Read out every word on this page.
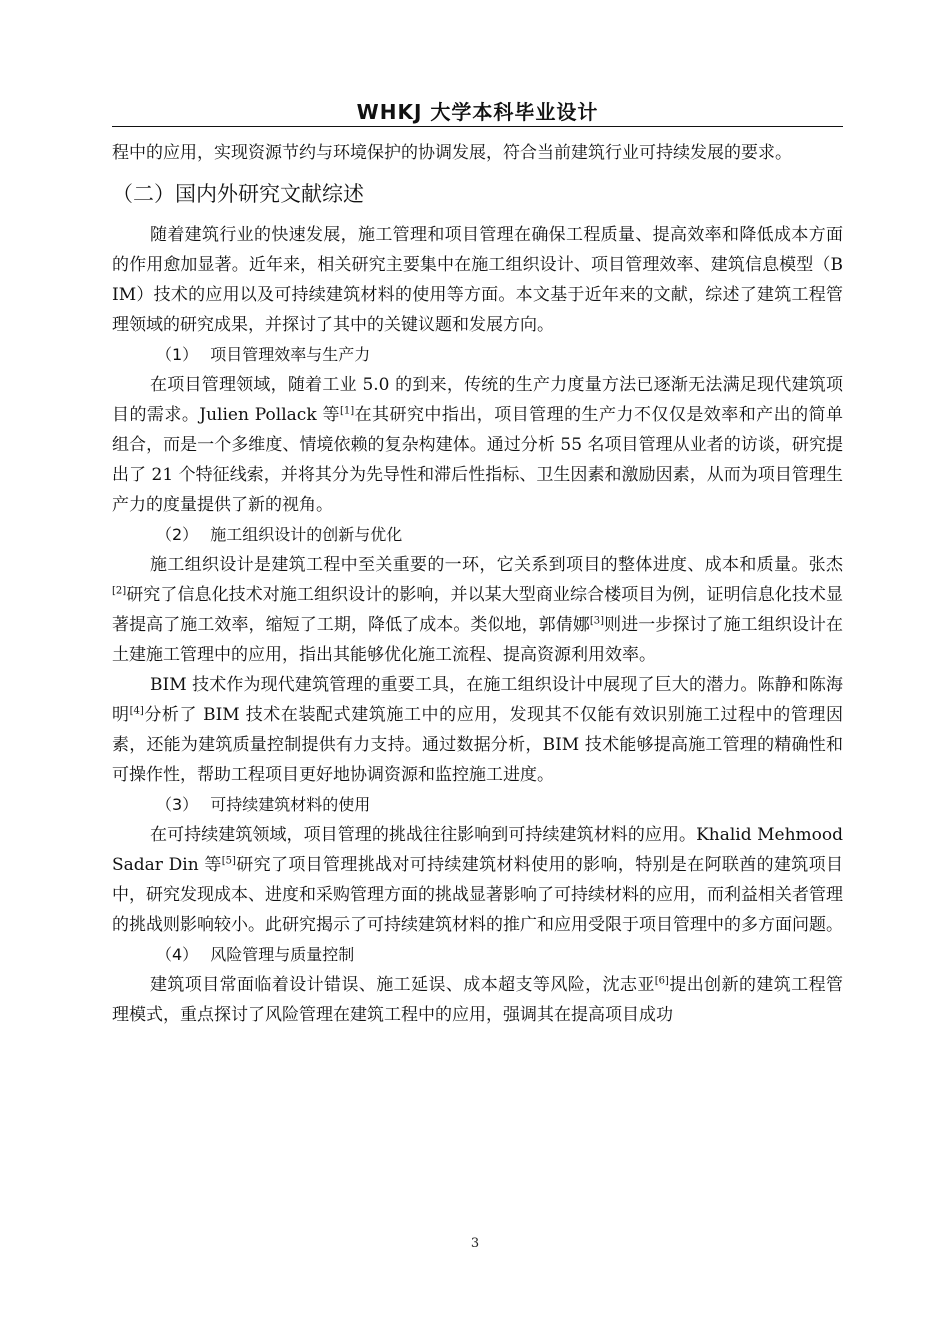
WHKJ 大学本科毕业设计

程中的应用，实现资源节约与环境保护的协调发展，符合当前建筑行业可持续发展的要求。

（二）国内外研究文献综述

随着建筑行业的快速发展，施工管理和项目管理在确保工程质量、提高效率和降低成本方面的作用愈加显著。近年来，相关研究主要集中在施工组织设计、项目管理效率、建筑信息模型（BIM）技术的应用以及可持续建筑材料的使用等方面。本文基于近年来的文献，综述了建筑工程管理领域的研究成果，并探讨了其中的关键议题和发展方向。

（1） 项目管理效率与生产力

在项目管理领域，随着工业 5.0 的到来，传统的生产力度量方法已逐渐无法满足现代建筑项目的需求。Julien Pollack 等[1]在其研究中指出，项目管理的生产力不仅仅是效率和产出的简单组合，而是一个多维度、情境依赖的复杂构建体。通过分析 55 名项目管理从业者的访谈，研究提出了 21 个特征线索，并将其分为先导性和滞后性指标、卫生因素和激励因素，从而为项目管理生产力的度量提供了新的视角。

（2） 施工组织设计的创新与优化

施工组织设计是建筑工程中至关重要的一环，它关系到项目的整体进度、成本和质量。张杰[2]研究了信息化技术对施工组织设计的影响，并以某大型商业综合楼项目为例，证明信息化技术显著提高了施工效率，缩短了工期，降低了成本。类似地，郭倩娜[3]则进一步探讨了施工组织设计在土建施工管理中的应用，指出其能够优化施工流程、提高资源利用效率。

BIM 技术作为现代建筑管理的重要工具，在施工组织设计中展现了巨大的潜力。陈静和陈海明[4]分析了 BIM 技术在装配式建筑施工中的应用，发现其不仅能有效识别施工过程中的管理因素，还能为建筑质量控制提供有力支持。通过数据分析，BIM 技术能够提高施工管理的精确性和可操作性，帮助工程项目更好地协调资源和监控施工进度。

（3） 可持续建筑材料的使用

在可持续建筑领域，项目管理的挑战往往影响到可持续建筑材料的应用。Khalid Mehmood Sadar Din 等[5]研究了项目管理挑战对可持续建筑材料使用的影响，特别是在阿联酋的建筑项目中，研究发现成本、进度和采购管理方面的挑战显著影响了可持续材料的应用，而利益相关者管理的挑战则影响较小。此研究揭示了可持续建筑材料的推广和应用受限于项目管理中的多方面问题。

（4） 风险管理与质量控制

建筑项目常面临着设计错误、施工延误、成本超支等风险，沈志亚[6]提出创新的建筑工程管理模式，重点探讨了风险管理在建筑工程中的应用，强调其在提高项目成功

3
